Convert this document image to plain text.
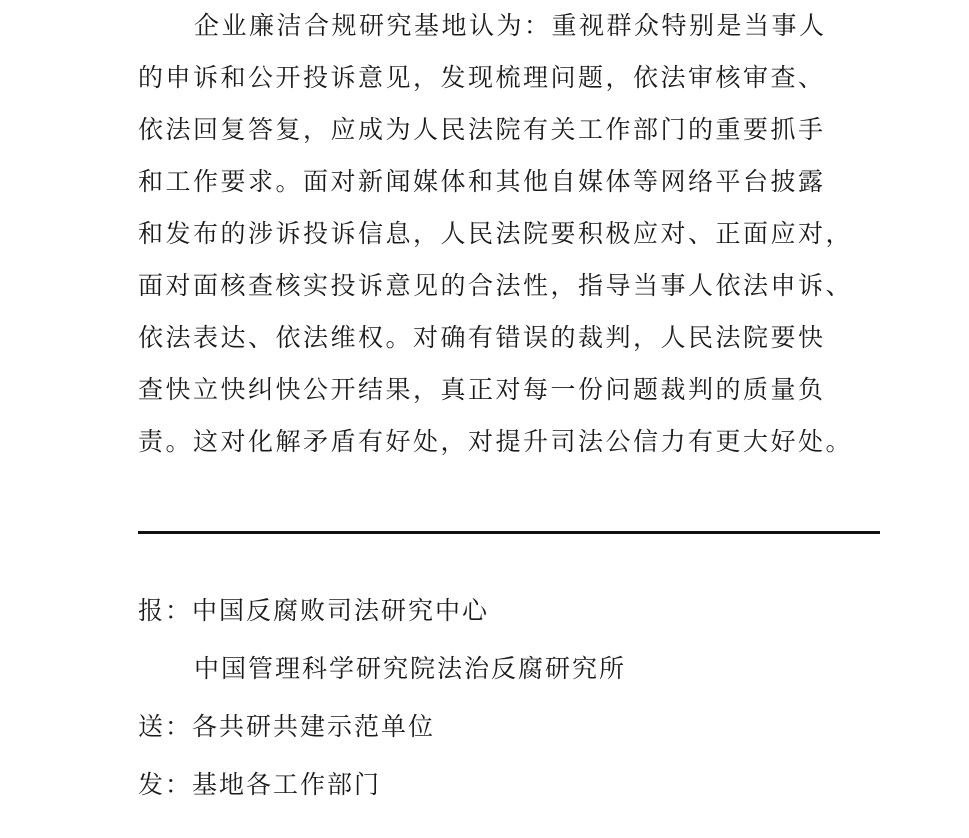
企业廉洁合规研究基地认为：重视群众特别是当事人
的申诉和公开投诉意见，发现梳理问题，依法审核审查、
依法回复答复，应成为人民法院有关工作部门的重要抓手
和工作要求。面对新闻媒体和其他自媒体等网络平台披露
和发布的涉诉投诉信息，人民法院要积极应对、正面应对，
面对面核查核实投诉意见的合法性，指导当事人依法申诉、
依法表达、依法维权。对确有错误的裁判，人民法院要快
查快立快纠快公开结果，真正对每一份问题裁判的质量负
责。这对化解矛盾有好处，对提升司法公信力有更大好处。
报：中国反腐败司法研究中心
中国管理科学研究院法治反腐研究所
送：各共研共建示范单位
发：基地各工作部门
